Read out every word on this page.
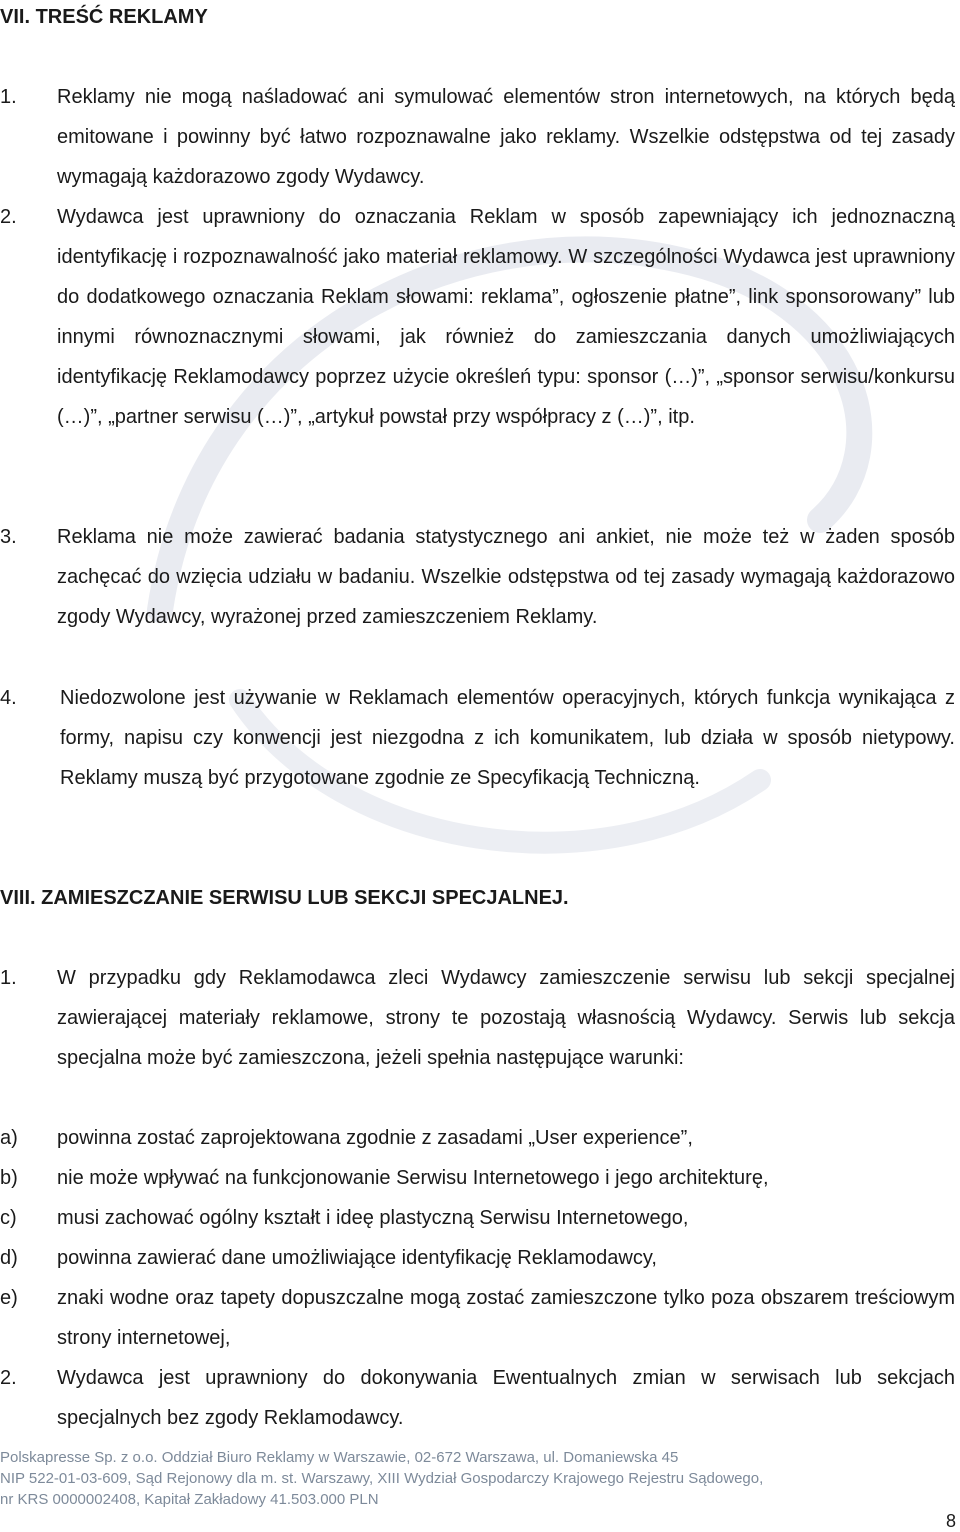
VII. TREŚĆ REKLAMY
1. Reklamy nie mogą naśladować ani symulować elementów stron internetowych, na których będą emitowane i powinny być łatwo rozpoznawalne jako reklamy. Wszelkie odstępstwa od tej zasady wymagają każdorazowo zgody Wydawcy.
2. Wydawca jest uprawniony do oznaczania Reklam w sposób zapewniający ich jednoznaczną identyfikację i rozpoznawalność jako materiał reklamowy. W szczególności Wydawca jest uprawniony do dodatkowego oznaczania Reklam słowami: reklama”, ogłoszenie płatne”, link sponsorowany” lub innymi równoznacznymi słowami, jak również do zamieszczania danych umożliwiających identyfikację Reklamodawcy poprzez użycie określeń typu: sponsor (…)”, „sponsor serwisu/konkursu (…)”, „partner serwisu (…)”, „artykuł powstał przy współpracy z (…)”, itp.
3. Reklama nie może zawierać badania statystycznego ani ankiet, nie może też w żaden sposób zachęcać do wzięcia udziału w badaniu. Wszelkie odstępstwa od tej zasady wymagają każdorazowo zgody Wydawcy, wyrażonej przed zamieszczeniem Reklamy.
4. Niedozwolone jest używanie w Reklamach elementów operacyjnych, których funkcja wynikająca z formy, napisu czy konwencji jest niezgodna z ich komunikatem, lub działa w sposób nietypowy. Reklamy muszą być przygotowane zgodnie ze Specyfikacją Techniczną.
VIII. ZAMIESZCZANIE SERWISU LUB SEKCJI SPECJALNEJ.
1. W przypadku gdy Reklamodawca zleci Wydawcy zamieszczenie serwisu lub sekcji specjalnej zawierającej materiały reklamowe, strony te pozostają własnością Wydawcy. Serwis lub sekcja specjalna może być zamieszczona, jeżeli spełnia następujące warunki:
a) powinna zostać zaprojektowana zgodnie z zasadami „User experience”,
b) nie może wpływać na funkcjonowanie Serwisu Internetowego i jego architekturę,
c) musi zachować ogólny kształt i ideę plastyczną Serwisu Internetowego,
d) powinna zawierać dane umożliwiające identyfikację Reklamodawcy,
e) znaki wodne oraz tapety dopuszczalne mogą zostać zamieszczone tylko poza obszarem treściowym strony internetowej,
2. Wydawca jest uprawniony do dokonywania Ewentualnych zmian w serwisach lub sekcjach specjalnych bez zgody Reklamodawcy.
Polskapresse Sp. z o.o. Oddział Biuro Reklamy w Warszawie, 02-672 Warszawa, ul. Domaniewska 45
NIP 522-01-03-609, Sąd Rejonowy dla m. st. Warszawy, XIII Wydział Gospodarczy Krajowego Rejestru Sądowego,
nr KRS 0000002408, Kapitał Zakładowy 41.503.000 PLN
8
